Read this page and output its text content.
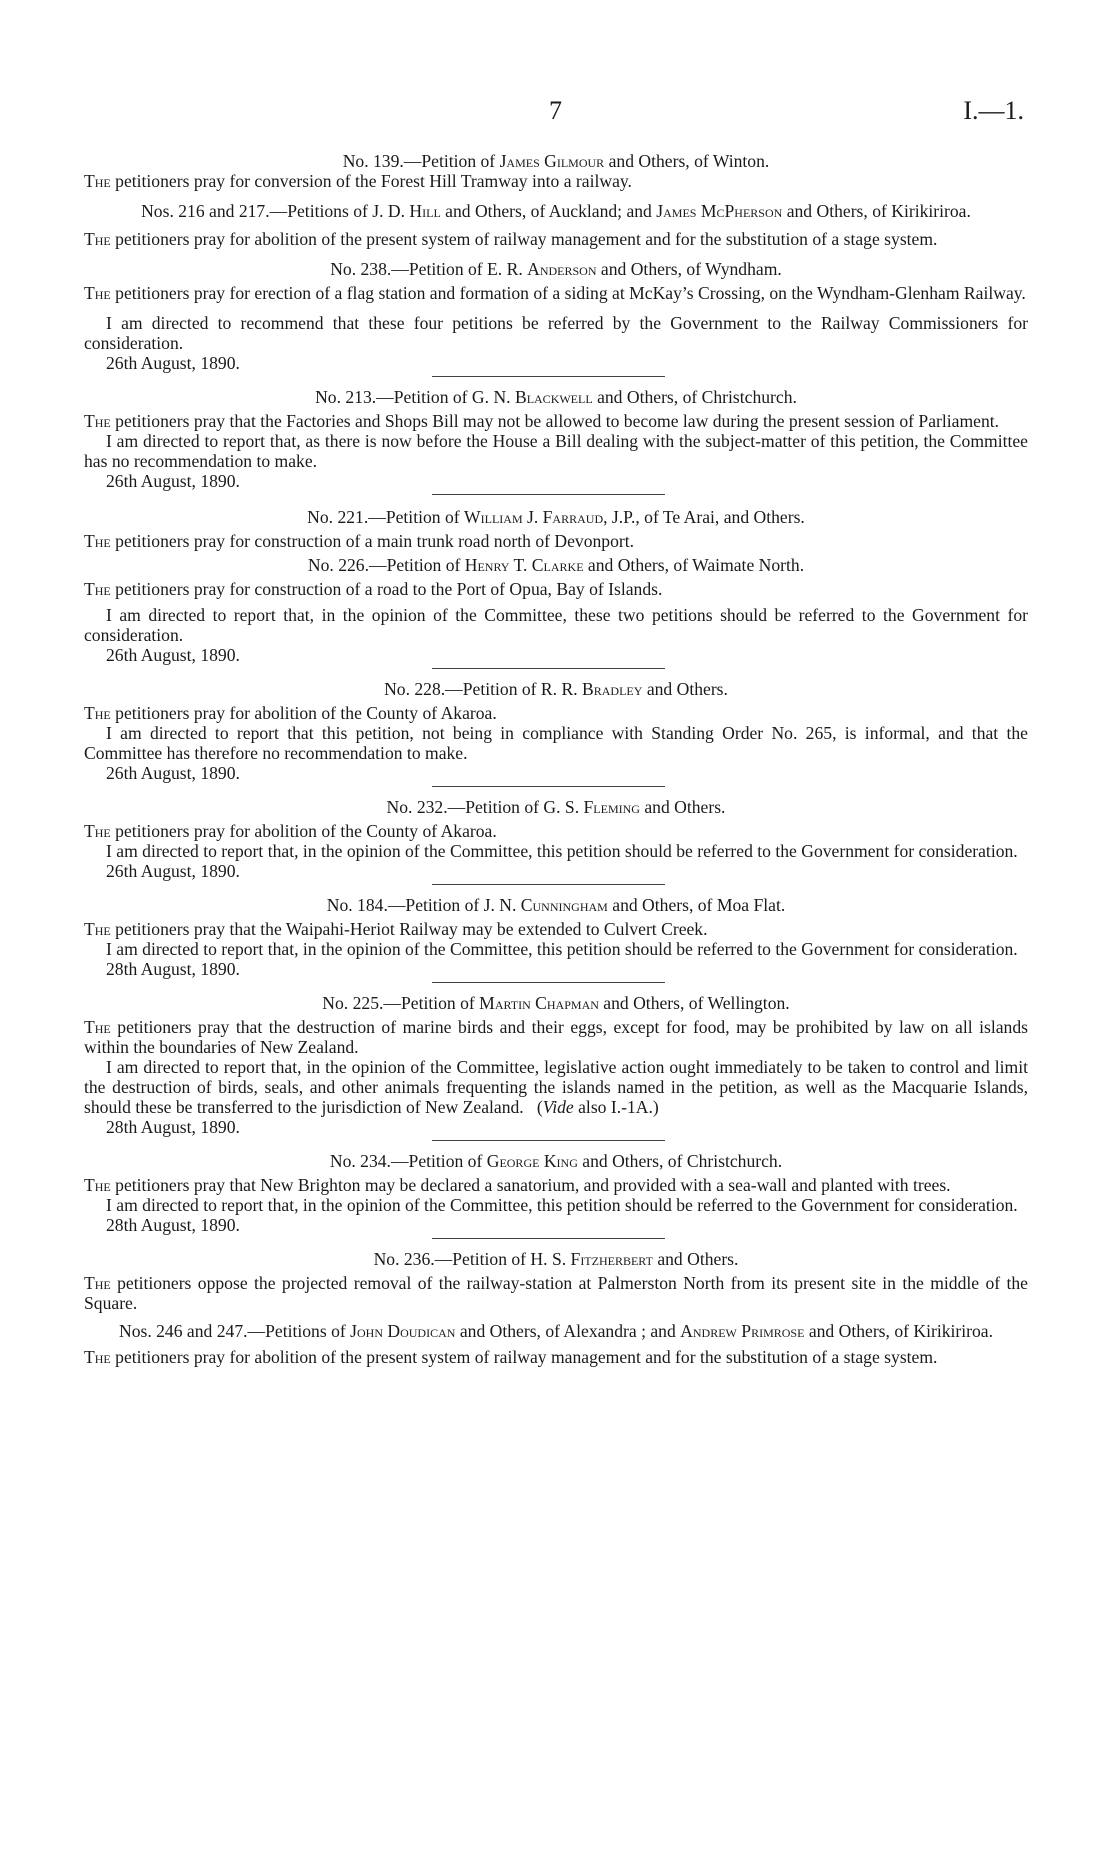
7	I.—1.

No. 139.—Petition of James Gilmour and Others, of Winton.

The petitioners pray for conversion of the Forest Hill Tramway into a railway.

Nos. 216 and 217.—Petitions of J. D. Hill and Others, of Auckland; and James McPherson and Others, of Kirikiriroa.

The petitioners pray for abolition of the present system of railway management and for the substitution of a stage system.

No. 238.—Petition of E. R. Anderson and Others, of Wyndham.

The petitioners pray for erection of a flag station and formation of a siding at McKay’s Crossing, on the Wyndham-Glenham Railway.

I am directed to recommend that these four petitions be referred by the Government to the Railway Commissioners for consideration.

26th August, 1890.

No. 213.—Petition of G. N. Blackwell and Others, of Christchurch.

The petitioners pray that the Factories and Shops Bill may not be allowed to become law during the present session of Parliament.

I am directed to report that, as there is now before the House a Bill dealing with the subject-matter of this petition, the Committee has no recommendation to make.

26th August, 1890.

No. 221.—Petition of William J. Farraud, J.P., of Te Arai, and Others.

The petitioners pray for construction of a main trunk road north of Devonport.

No. 226.—Petition of Henry T. Clarke and Others, of Waimate North.

The petitioners pray for construction of a road to the Port of Opua, Bay of Islands.

I am directed to report that, in the opinion of the Committee, these two petitions should be referred to the Government for consideration.

26th August, 1890.

No. 228.—Petition of R. R. Bradley and Others.

The petitioners pray for abolition of the County of Akaroa.

I am directed to report that this petition, not being in compliance with Standing Order No. 265, is informal, and that the Committee has therefore no recommendation to make.

26th August, 1890.

No. 232.—Petition of G. S. Fleming and Others.

The petitioners pray for abolition of the County of Akaroa.

I am directed to report that, in the opinion of the Committee, this petition should be referred to the Government for consideration.

26th August, 1890.

No. 184.—Petition of J. N. Cunningham and Others, of Moa Flat.

The petitioners pray that the Waipahi-Heriot Railway may be extended to Culvert Creek.

I am directed to report that, in the opinion of the Committee, this petition should be referred to the Government for consideration.

28th August, 1890.

No. 225.—Petition of Martin Chapman and Others, of Wellington.

The petitioners pray that the destruction of marine birds and their eggs, except for food, may be prohibited by law on all islands within the boundaries of New Zealand.

I am directed to report that, in the opinion of the Committee, legislative action ought immediately to be taken to control and limit the destruction of birds, seals, and other animals frequenting the islands named in the petition, as well as the Macquarie Islands, should these be transferred to the jurisdiction of New Zealand.   (Vide also I.-1A.)

28th August, 1890.

No. 234.—Petition of George King and Others, of Christchurch.

The petitioners pray that New Brighton may be declared a sanatorium, and provided with a sea-wall and planted with trees.

I am directed to report that, in the opinion of the Committee, this petition should be referred to the Government for consideration.

28th August, 1890.

No. 236.—Petition of H. S. Fitzherbert and Others.

The petitioners oppose the projected removal of the railway-station at Palmerston North from its present site in the middle of the Square.

Nos. 246 and 247.—Petitions of John Doudican and Others, of Alexandra ; and Andrew Primrose and Others, of Kirikiriroa.

The petitioners pray for abolition of the present system of railway management and for the substitution of a stage system.
